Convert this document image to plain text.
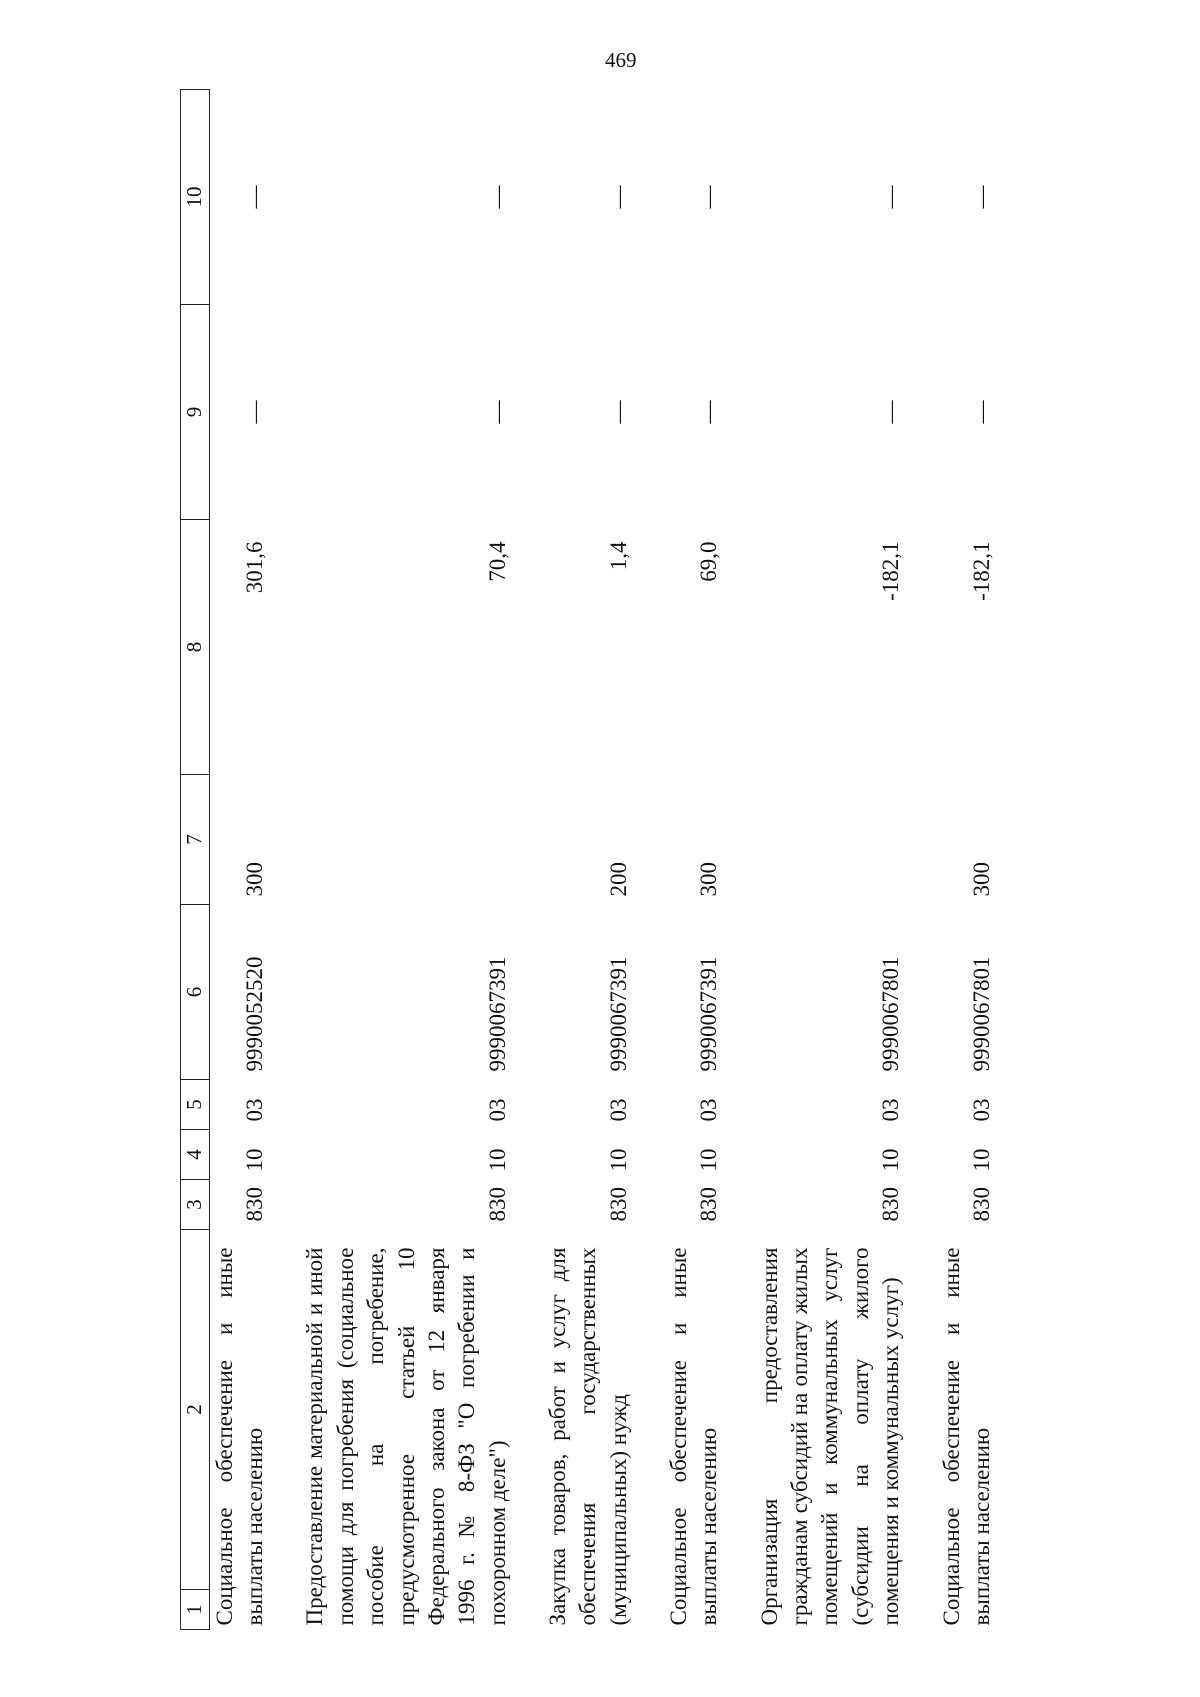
469
1	2	3	4	5	6	7	8	9	10
Социальное обеспечение и иные выплаты населению		830	10	03	9990052520	300	301,6	—	—

Предоставление материальной и иной помощи для погребения (социальное пособие на погребение, предусмотренное статьей 10 Федерального закона от 12 января 1996 г. № 8-ФЗ "О погребении и похоронном деле")		830	10	03	9990067391		70,4	—	—

Закупка товаров, работ и услуг для обеспечения государственных (муниципальных) нужд		830	10	03	9990067391	200	1,4	—	—

Социальное обеспечение и иные выплаты населению		830	10	03	9990067391	300	69,0	—	—

Организация предоставления гражданам субсидий на оплату жилых помещений и коммунальных услуг (субсидии на оплату жилого помещения и коммунальных услуг)		830	10	03	9990067801		-182,1	—	—

Социальное обеспечение и иные выплаты населению		830	10	03	9990067801	300	-182,1	—	—
